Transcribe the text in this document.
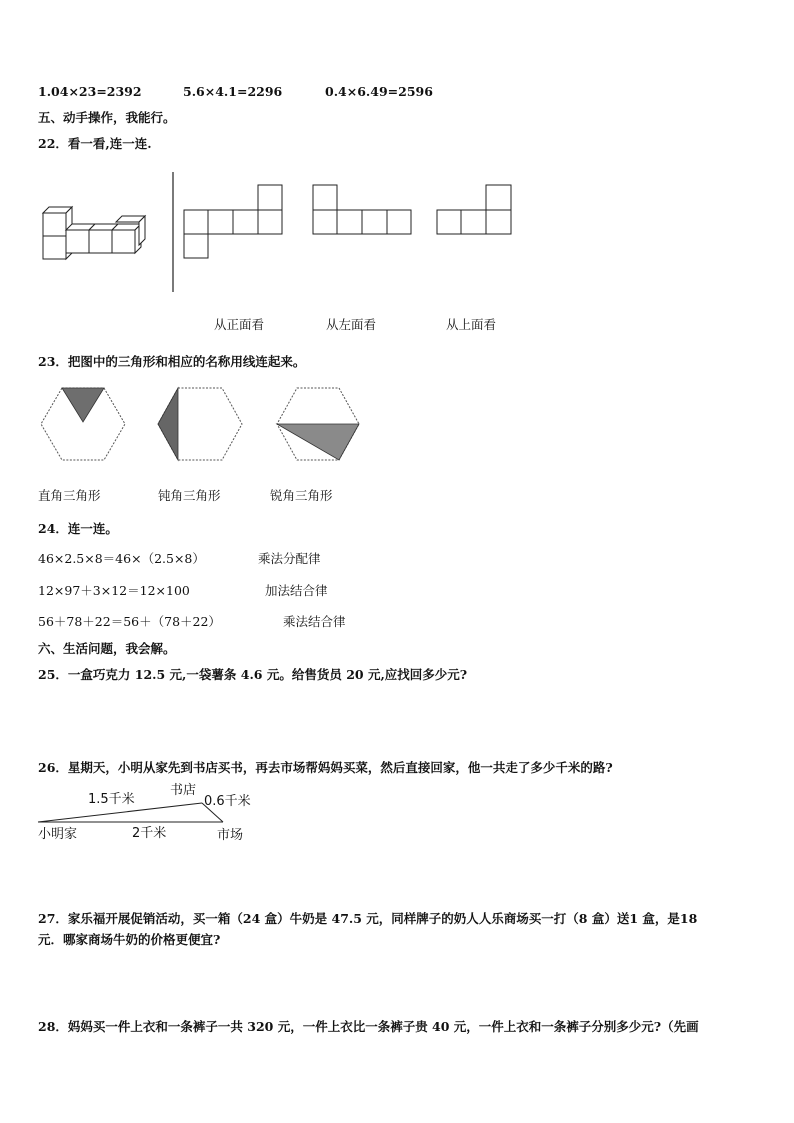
1.04×23=2392	5.6×4.1=2296	0.4×6.49=2596
五、动手操作，我能行。
22．看一看,连一连.
从正面看	从左面看	从上面看
23．把图中的三角形和相应的名称用线连起来。
直角三角形	钝角三角形	锐角三角形
24．连一连。
46×2.5×8＝46×（2.5×8）	乘法分配律
12×97＋3×12＝12×100	加法结合律
56＋78＋22＝56＋（78＋22）	乘法结合律
六、生活问题，我会解。
25．一盒巧克力 12.5 元,一袋薯条 4.6 元。给售货员 20 元,应找回多少元?
26．星期天，小明从家先到书店买书，再去市场帮妈妈买菜，然后直接回家，他一共走了多少千米的路?
1.5千米
书店
0.6千米
小明家	2千米	市场
27．家乐福开展促销活动，买一箱（24 盒）牛奶是 47.5 元，同样牌子的奶人人乐商场买一打（8 盒）送1 盒，是18
元．哪家商场牛奶的价格更便宜?
28．妈妈买一件上衣和一条裤子一共 320 元，一件上衣比一条裤子贵 40 元，一件上衣和一条裤子分别多少元?（先画
